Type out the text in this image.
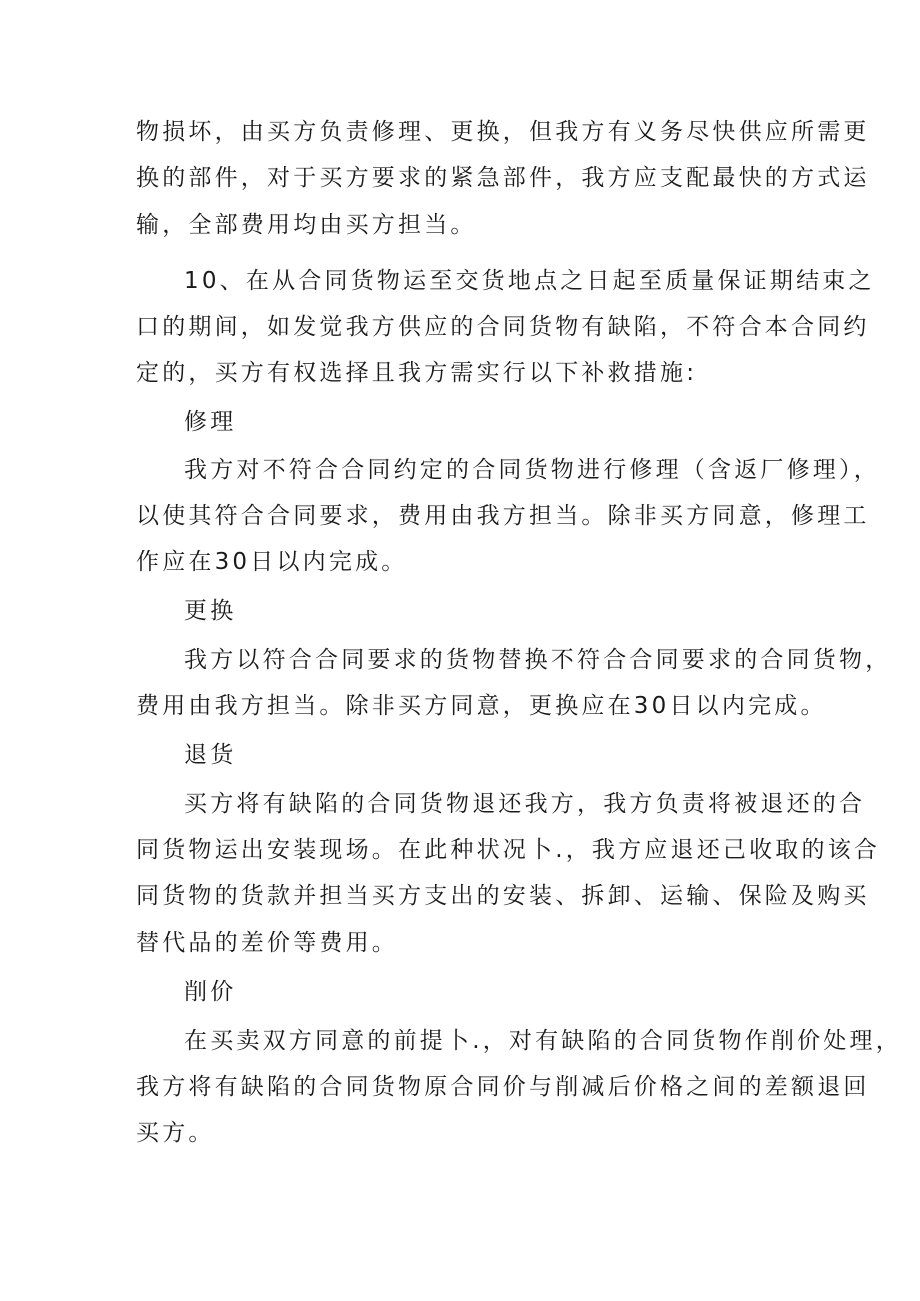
物损坏，由买方负责修理、更换，但我方有义务尽快供应所需更
换的部件，对于买方要求的紧急部件，我方应支配最快的方式运
输，全部费用均由买方担当。
10、在从合同货物运至交货地点之日起至质量保证期结束之
口的期间，如发觉我方供应的合同货物有缺陷，不符合本合同约
定的，买方有权选择且我方需实行以下补救措施:
修理
我方对不符合合同约定的合同货物进行修理（含返厂修理），
以使其符合合同要求，费用由我方担当。除非买方同意，修理工
作应在30日以内完成。
更换
我方以符合合同要求的货物替换不符合合同要求的合同货物，
费用由我方担当。除非买方同意，更换应在30日以内完成。
退货
买方将有缺陷的合同货物退还我方，我方负责将被退还的合
同货物运出安装现场。在此种状况卜.，我方应退还己收取的该合
同货物的货款并担当买方支出的安装、拆卸、运输、保险及购买
替代品的差价等费用。
削价
在买卖双方同意的前提卜.，对有缺陷的合同货物作削价处理，
我方将有缺陷的合同货物原合同价与削减后价格之间的差额退回
买方。
